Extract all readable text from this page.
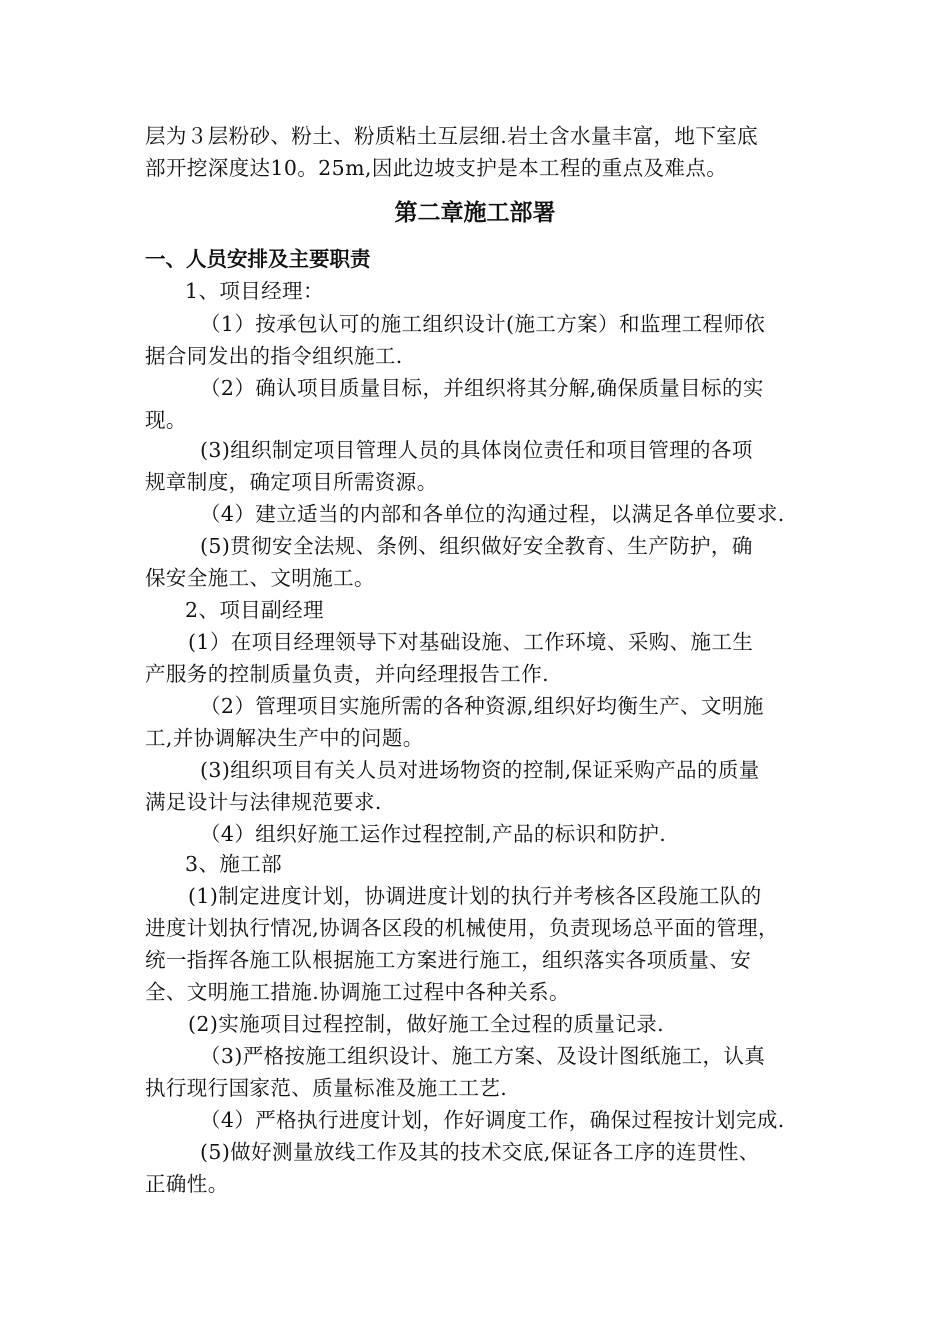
层为３层粉砂、粉土、粉质粘土互层细.岩土含水量丰富，地下室底
部开挖深度达10。25m,因此边坡支护是本工程的重点及难点。
第二章施工部署
一、人员安排及主要职责
1、项目经理：
（1）按承包认可的施工组织设计(施工方案）和监理工程师依
据合同发出的指令组织施工.
（2）确认项目质量目标，并组织将其分解,确保质量目标的实
现。
(3)组织制定项目管理人员的具体岗位责任和项目管理的各项
规章制度，确定项目所需资源。
（4）建立适当的内部和各单位的沟通过程，以满足各单位要求.
(5)贯彻安全法规、条例、组织做好安全教育、生产防护，确
保安全施工、文明施工。
2、项目副经理
(1）在项目经理领导下对基础设施、工作环境、采购、施工生
产服务的控制质量负责，并向经理报告工作.
（2）管理项目实施所需的各种资源,组织好均衡生产、文明施
工,并协调解决生产中的问题。
(3)组织项目有关人员对进场物资的控制,保证采购产品的质量
满足设计与法律规范要求.
（4）组织好施工运作过程控制,产品的标识和防护.
3、施工部
(1)制定进度计划，协调进度计划的执行并考核各区段施工队的
进度计划执行情况,协调各区段的机械使用，负责现场总平面的管理，
统一指挥各施工队根据施工方案进行施工，组织落实各项质量、安
全、文明施工措施.协调施工过程中各种关系。
(2)实施项目过程控制，做好施工全过程的质量记录.
（3)严格按施工组织设计、施工方案、及设计图纸施工，认真
执行现行国家范、质量标准及施工工艺.
（4）严格执行进度计划，作好调度工作，确保过程按计划完成.
(5)做好测量放线工作及其的技术交底,保证各工序的连贯性、
正确性。
